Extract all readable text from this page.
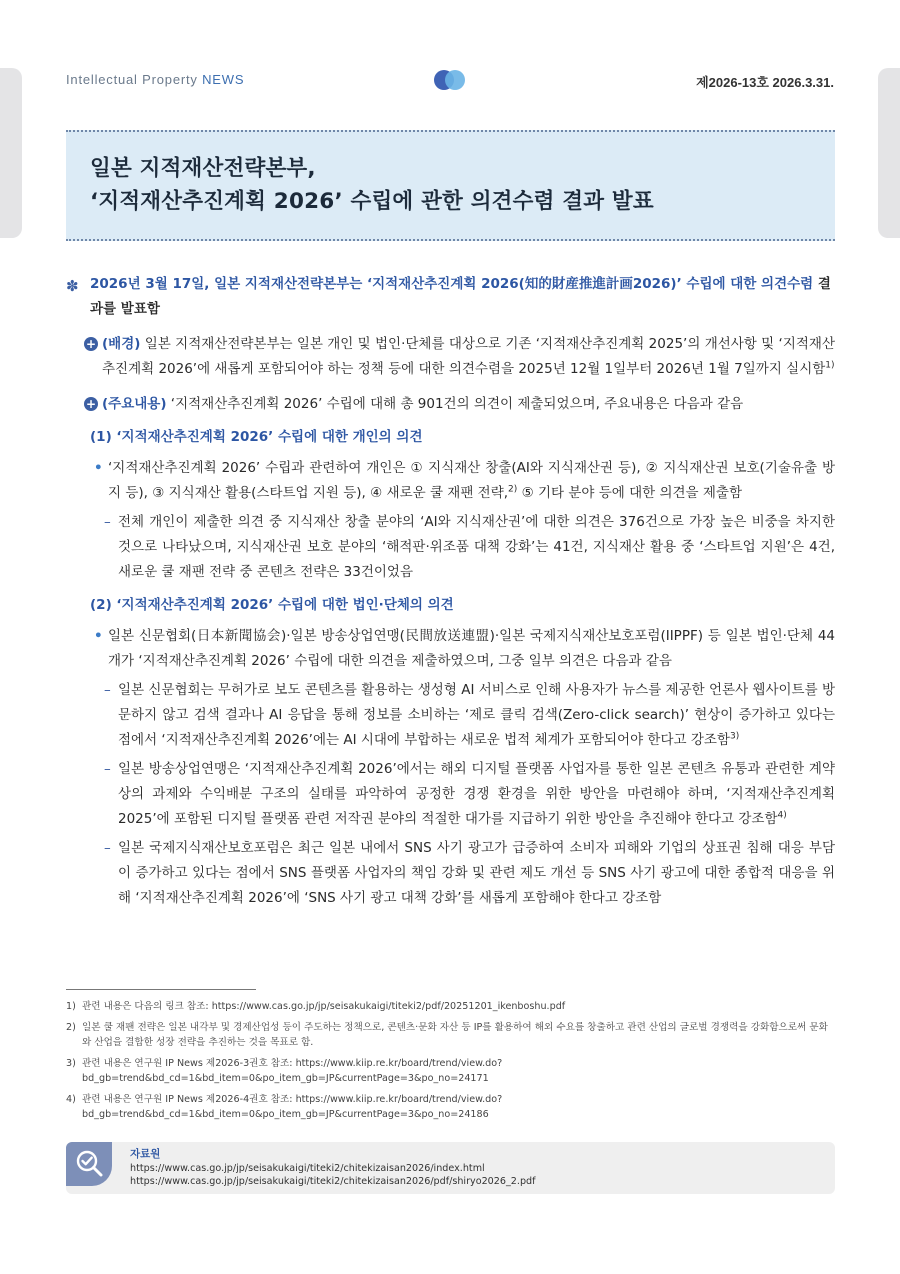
Intellectual Property NEWS	제2026-13호 2026.3.31.
일본 지적재산전략본부,
‘지적재산추진계획 2026’ 수립에 관한 의견수렴 결과 발표
✽ 2026년 3월 17일, 일본 지적재산전략본부는 ‘지적재산추진계획 2026(知的財産推進計画2026)’ 수립에 대한 의견수렴 결과를 발표함
+ (배경) 일본 지적재산전략본부는 일본 개인 및 법인·단체를 대상으로 기존 ‘지적재산추진계획 2025’의 개선사항 및 ‘지적재산추진계획 2026’에 새롭게 포함되어야 하는 정책 등에 대한 의견수렴을 2025년 12월 1일부터 2026년 1월 7일까지 실시함$^{1)}$
+ (주요내용) ‘지적재산추진계획 2026’ 수립에 대해 총 901건의 의견이 제출되었으며, 주요내용은 다음과 같음
(1) ‘지적재산추진계획 2026’ 수립에 대한 개인의 의견
• ‘지적재산추진계획 2026’ 수립과 관련하여 개인은 ① 지식재산 창출(AI와 지식재산권 등), ② 지식재산권 보호(기술유출 방지 등), ③ 지식재산 활용(스타트업 지원 등), ④ 새로운 쿨 재팬 전략,$^{2)}$ ⑤ 기타 분야 등에 대한 의견을 제출함
– 전체 개인이 제출한 의견 중 지식재산 창출 분야의 ‘AI와 지식재산권’에 대한 의견은 376건으로 가장 높은 비중을 차지한 것으로 나타났으며, 지식재산권 보호 분야의 ‘해적판·위조품 대책 강화’는 41건, 지식재산 활용 중 ‘스타트업 지원’은 4건, 새로운 쿨 재팬 전략 중 콘텐츠 전략은 33건이었음
(2) ‘지적재산추진계획 2026’ 수립에 대한 법인·단체의 의견
• 일본 신문협회(日本新聞協会)·일본 방송상업연맹(民間放送連盟)·일본 국제지식재산보호포럼(IIPPF) 등 일본 법인·단체 44개가 ‘지적재산추진계획 2026’ 수립에 대한 의견을 제출하였으며, 그중 일부 의견은 다음과 같음
– 일본 신문협회는 무허가로 보도 콘텐츠를 활용하는 생성형 AI 서비스로 인해 사용자가 뉴스를 제공한 언론사 웹사이트를 방문하지 않고 검색 결과나 AI 응답을 통해 정보를 소비하는 ‘제로 클릭 검색(Zero-click search)’ 현상이 증가하고 있다는 점에서 ‘지적재산추진계획 2026’에는 AI 시대에 부합하는 새로운 법적 체계가 포함되어야 한다고 강조함$^{3)}$
– 일본 방송상업연맹은 ‘지적재산추진계획 2026’에서는 해외 디지털 플랫폼 사업자를 통한 일본 콘텐츠 유통과 관련한 계약상의 과제와 수익배분 구조의 실태를 파악하여 공정한 경쟁 환경을 위한 방안을 마련해야 하며, ‘지적재산추진계획 2025’에 포함된 디지털 플랫폼 관련 저작권 분야의 적절한 대가를 지급하기 위한 방안을 추진해야 한다고 강조함$^{4)}$
– 일본 국제지식재산보호포럼은 최근 일본 내에서 SNS 사기 광고가 급증하여 소비자 피해와 기업의 상표권 침해 대응 부담이 증가하고 있다는 점에서 SNS 플랫폼 사업자의 책임 강화 및 관련 제도 개선 등 SNS 사기 광고에 대한 종합적 대응을 위해 ‘지적재산추진계획 2026’에 ‘SNS 사기 광고 대책 강화’를 새롭게 포함해야 한다고 강조함
1) 관련 내용은 다음의 링크 참조: https://www.cas.go.jp/jp/seisakukaigi/titeki2/pdf/20251201_ikenboshu.pdf
2) 일본 쿨 재팬 전략은 일본 내각부 및 경제산업성 등이 주도하는 정책으로, 콘텐츠·문화 자산 등 IP를 활용하여 해외 수요를 창출하고 관련 산업의 글로벌 경쟁력을 강화함으로써 문화와 산업을 결합한 성장 전략을 추진하는 것을 목표로 함.
3) 관련 내용은 연구원 IP News 제2026-3권호 참조: https://www.kiip.re.kr/board/trend/view.do?bd_gb=trend&bd_cd=1&bd_item=0&po_item_gb=JP&currentPage=3&po_no=24171
4) 관련 내용은 연구원 IP News 제2026-4권호 참조: https://www.kiip.re.kr/board/trend/view.do?bd_gb=trend&bd_cd=1&bd_item=0&po_item_gb=JP&currentPage=3&po_no=24186
자료원
https://www.cas.go.jp/jp/seisakukaigi/titeki2/chitekizaisan2026/index.html
https://www.cas.go.jp/jp/seisakukaigi/titeki2/chitekizaisan2026/pdf/shiryo2026_2.pdf
